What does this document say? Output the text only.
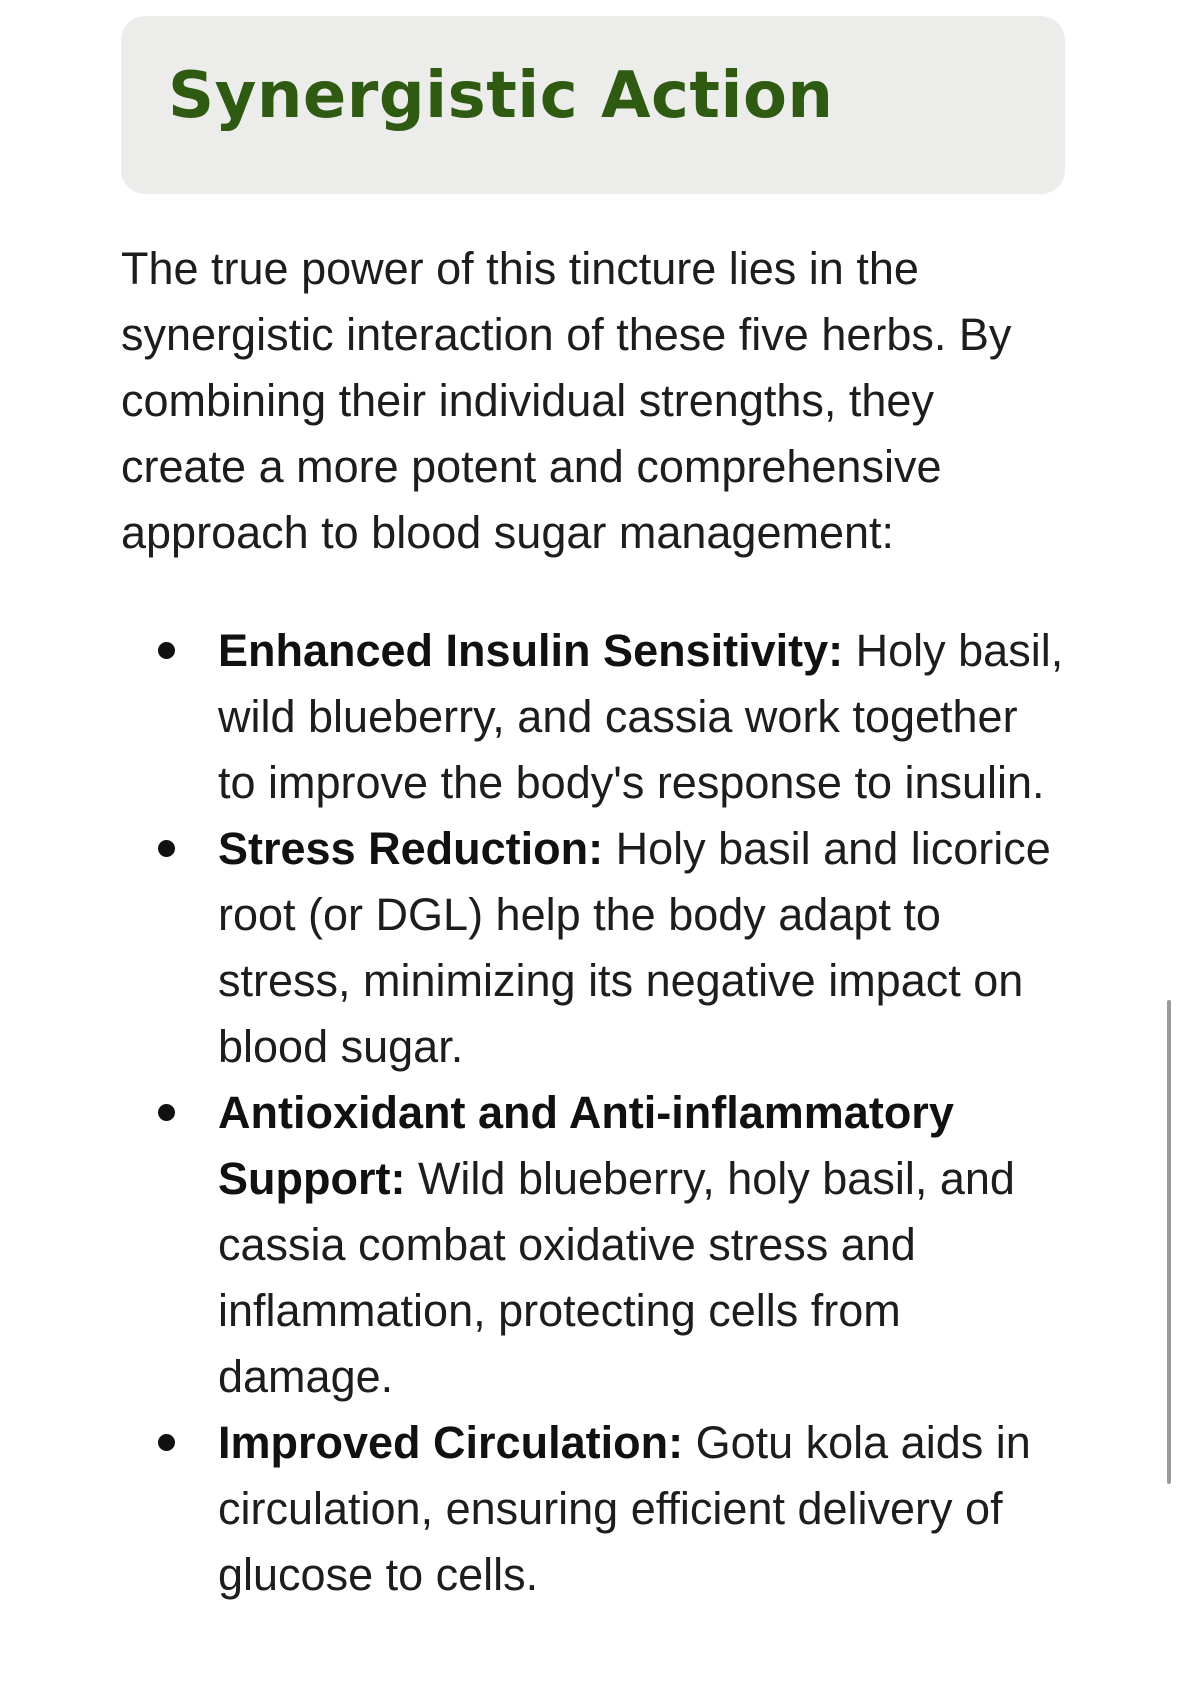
Synergistic Action

The true power of this tincture lies in the synergistic interaction of these five herbs. By combining their individual strengths, they create a more potent and comprehensive approach to blood sugar management:

Enhanced Insulin Sensitivity: Holy basil, wild blueberry, and cassia work together to improve the body's response to insulin.
Stress Reduction: Holy basil and licorice root (or DGL) help the body adapt to stress, minimizing its negative impact on blood sugar.
Antioxidant and Anti-inflammatory Support: Wild blueberry, holy basil, and cassia combat oxidative stress and inflammation, protecting cells from damage.
Improved Circulation: Gotu kola aids in circulation, ensuring efficient delivery of glucose to cells.
